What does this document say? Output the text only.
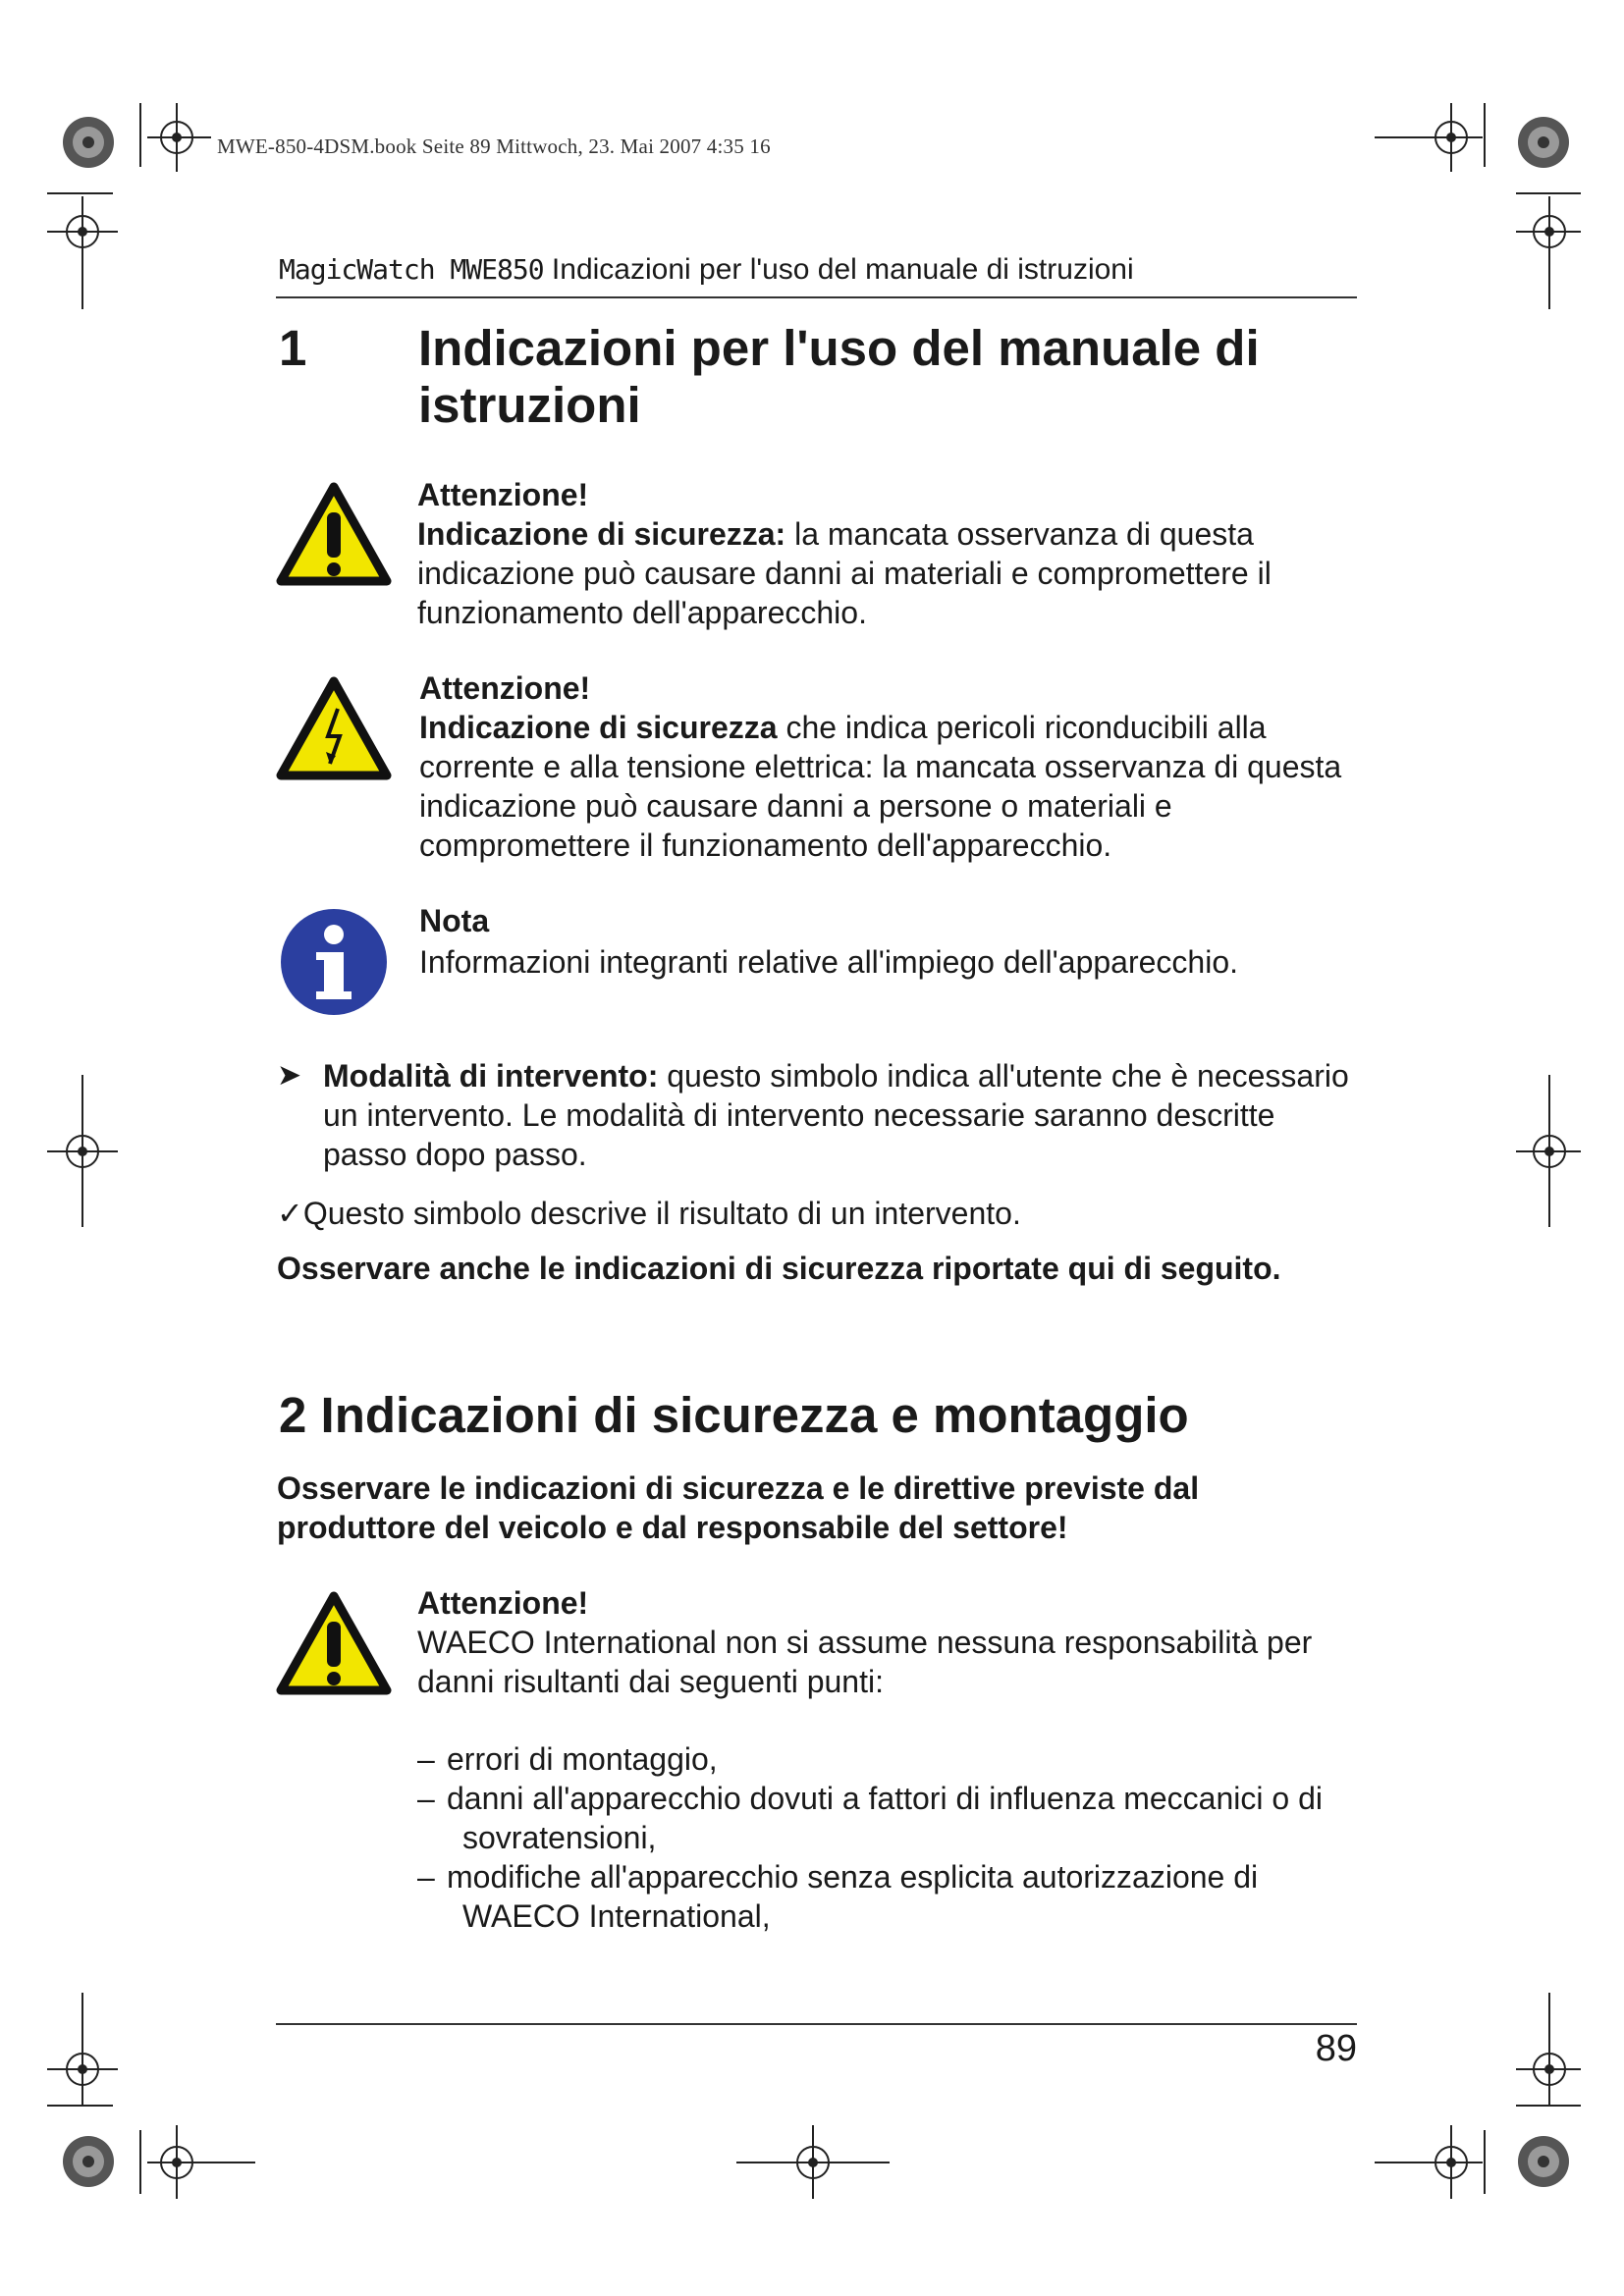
MWE-850-4DSM.book Seite 89 Mittwoch, 23. Mai 2007 4:35 16
MagicWatch MWE850 Indicazioni per l'uso del manuale di istruzioni
1 Indicazioni per l'uso del manuale di
istruzioni
Attenzione!
Indicazione di sicurezza: la mancata osservanza di questa indicazione può causare danni ai materiali e compromettere il funzionamento dell'apparecchio.
Attenzione!
Indicazione di sicurezza che indica pericoli riconducibili alla corrente e alla tensione elettrica: la mancata osservanza di questa indicazione può causare danni a persone o materiali e compromettere il funzionamento dell'apparecchio.
Nota
Informazioni integranti relative all'impiego dell'apparecchio.
➤ Modalità di intervento: questo simbolo indica all'utente che è necessario un intervento. Le modalità di intervento necessarie saranno descritte passo dopo passo.
✓Questo simbolo descrive il risultato di un intervento.
Osservare anche le indicazioni di sicurezza riportate qui di seguito.
2 Indicazioni di sicurezza e montaggio
Osservare le indicazioni di sicurezza e le direttive previste dal produttore del veicolo e dal responsabile del settore!
Attenzione!
WAECO International non si assume nessuna responsabilità per danni risultanti dai seguenti punti:
– errori di montaggio,
– danni all'apparecchio dovuti a fattori di influenza meccanici o di
sovratensioni,
– modifiche all'apparecchio senza esplicita autorizzazione di
WAECO International,
89
